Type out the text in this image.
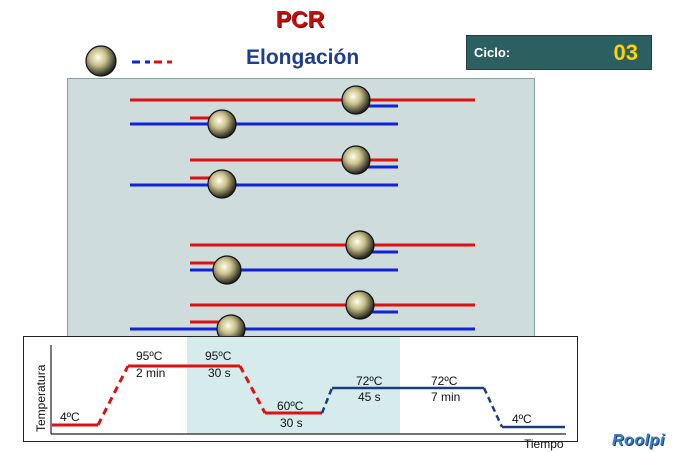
PCR
Elongación	Ciclo:	03
4ºC
95ºC
2 min
95ºC
30 s
60ºC
30 s
72ºC
45 s
72ºC
7 min
4ºC
Temperatura
Tiempo	Roolpi
